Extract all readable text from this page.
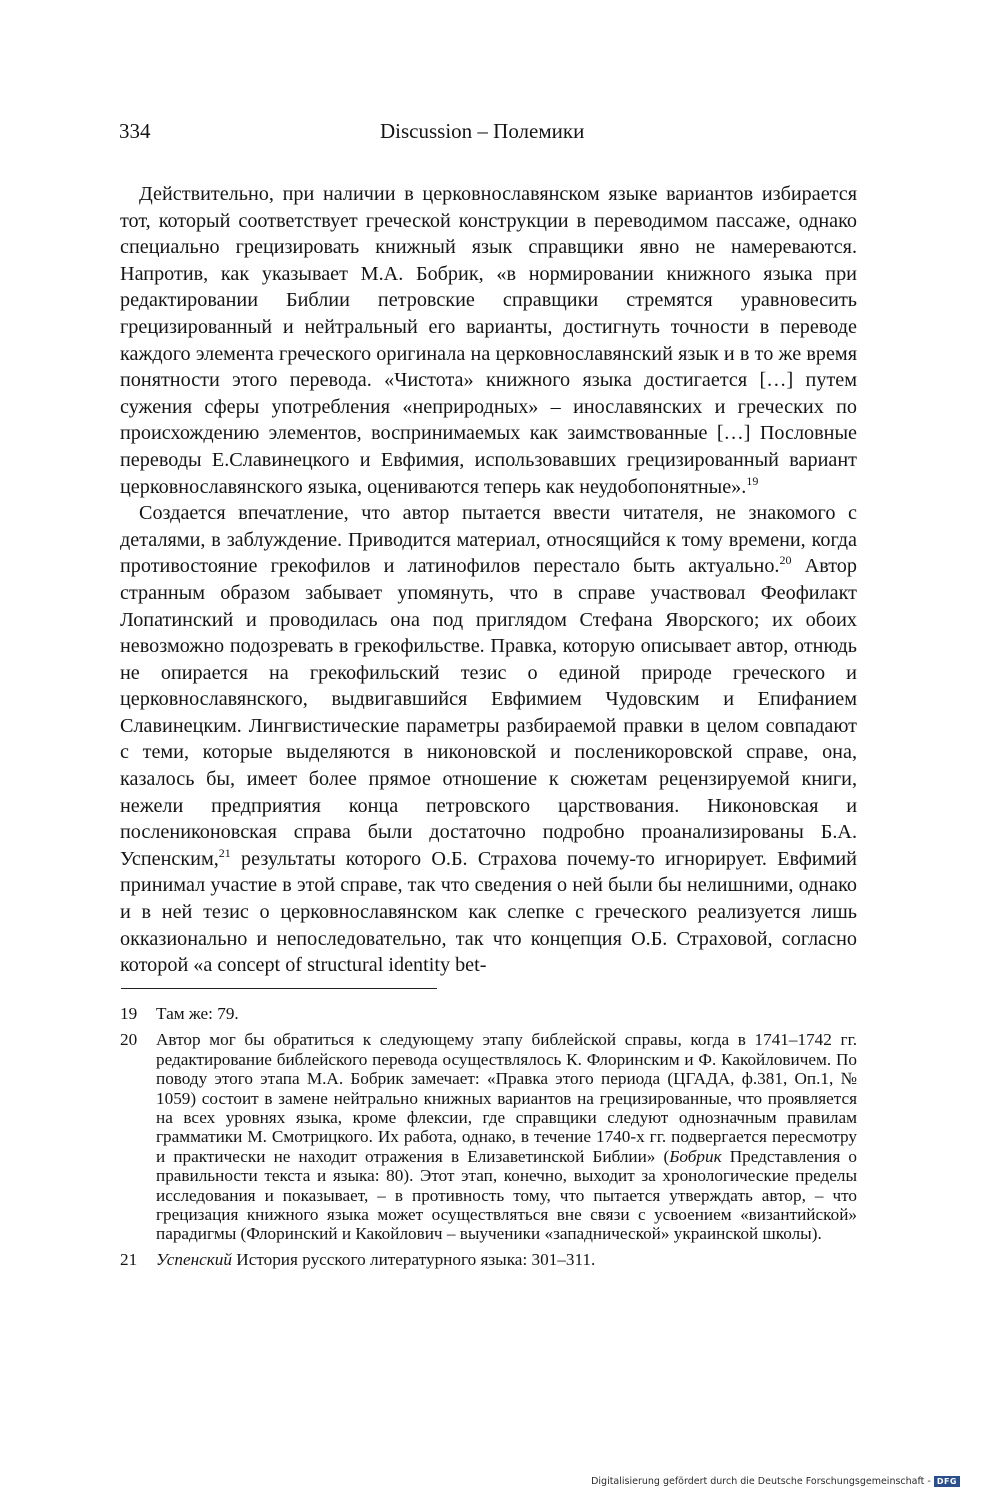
334	Discussion – Полемики

Действительно, при наличии в церковнославянском языке вариантов избирается тот, который соответствует греческой конструкции в переводимом пассаже, однако специально грецизировать книжный язык справщики явно не намереваются. Напротив, как указывает М.А. Бобрик, «в нормировании книжного языка при редактировании Библии петровские справщики стремятся уравновесить грецизированный и нейтральный его варианты, достигнуть точности в переводе каждого элемента греческого оригинала на церковнославянский язык и в то же время понятности этого перевода. «Чистота» книжного языка достигается […] путем сужения сферы употребления «неприродных» – инославянских и греческих по происхождению элементов, воспринимаемых как заимствованные […] Пословные переводы Е.Славинецкого и Евфимия, использовавших грецизированный вариант церковнославянского языка, оцениваются теперь как неудобопонятные».$^{19}$

Создается впечатление, что автор пытается ввести читателя, не знакомого с деталями, в заблуждение. Приводится материал, относящийся к тому времени, когда противостояние грекофилов и латинофилов перестало быть актуально.$^{20}$ Автор странным образом забывает упомянуть, что в справе участвовал Феофилакт Лопатинский и проводилась она под приглядом Стефана Яворского; их обоих невозможно подозревать в грекофильстве. Правка, которую описывает автор, отнюдь не опирается на грекофильский тезис о единой природе греческого и церковнославянского, выдвигавшийся Евфимием Чудовским и Епифанием Славинецким. Лингвистические параметры разбираемой правки в целом совпадают с теми, которые выделяются в никоновской и посленикоровской справе, она, казалось бы, имеет более прямое отношение к сюжетам рецензируемой книги, нежели предприятия конца петровского царствования. Никоновская и послениконовская справа были достаточно подробно проанализированы Б.А. Успенским,$^{21}$ результаты которого О.Б. Страхова почему-то игнорирует. Евфимий принимал участие в этой справе, так что сведения о ней были бы нелишними, однако и в ней тезис о церковнославянском как слепке с греческого реализуется лишь окказионально и непоследовательно, так что концепция О.Б. Страховой, согласно которой «a concept of structural identity bet-

19 Там же: 79.
20 Автор мог бы обратиться к следующему этапу библейской справы, когда в 1741–1742 гг. редактирование библейского перевода осуществлялось К. Флоринским и Ф. Какойловичем. По поводу этого этапа М.А. Бобрик замечает: «Правка этого периода (ЦГАДА, ф.381, Оп.1, № 1059) состоит в замене нейтрально книжных вариантов на грецизированные, что проявляется на всех уровнях языка, кроме флексии, где справщики следуют однозначным правилам грамматики М. Смотрицкого. Их работа, однако, в течение 1740-х гг. подвергается пересмотру и практически не находит отражения в Елизаветинской Библии» (Бобрик Представления о правильности текста и языка: 80). Этот этап, конечно, выходит за хронологические пределы исследования и показывает, – в противность тому, что пытается утверждать автор, – что грецизация книжного языка может осуществляться вне связи с усвоением «византийской» парадигмы (Флоринский и Какойлович – выученики «западнической» украинской школы).
21 Успенский История русского литературного языка: 301–311.
Digitalisierung gefördert durch die Deutsche Forschungsgemeinschaft - DFG
